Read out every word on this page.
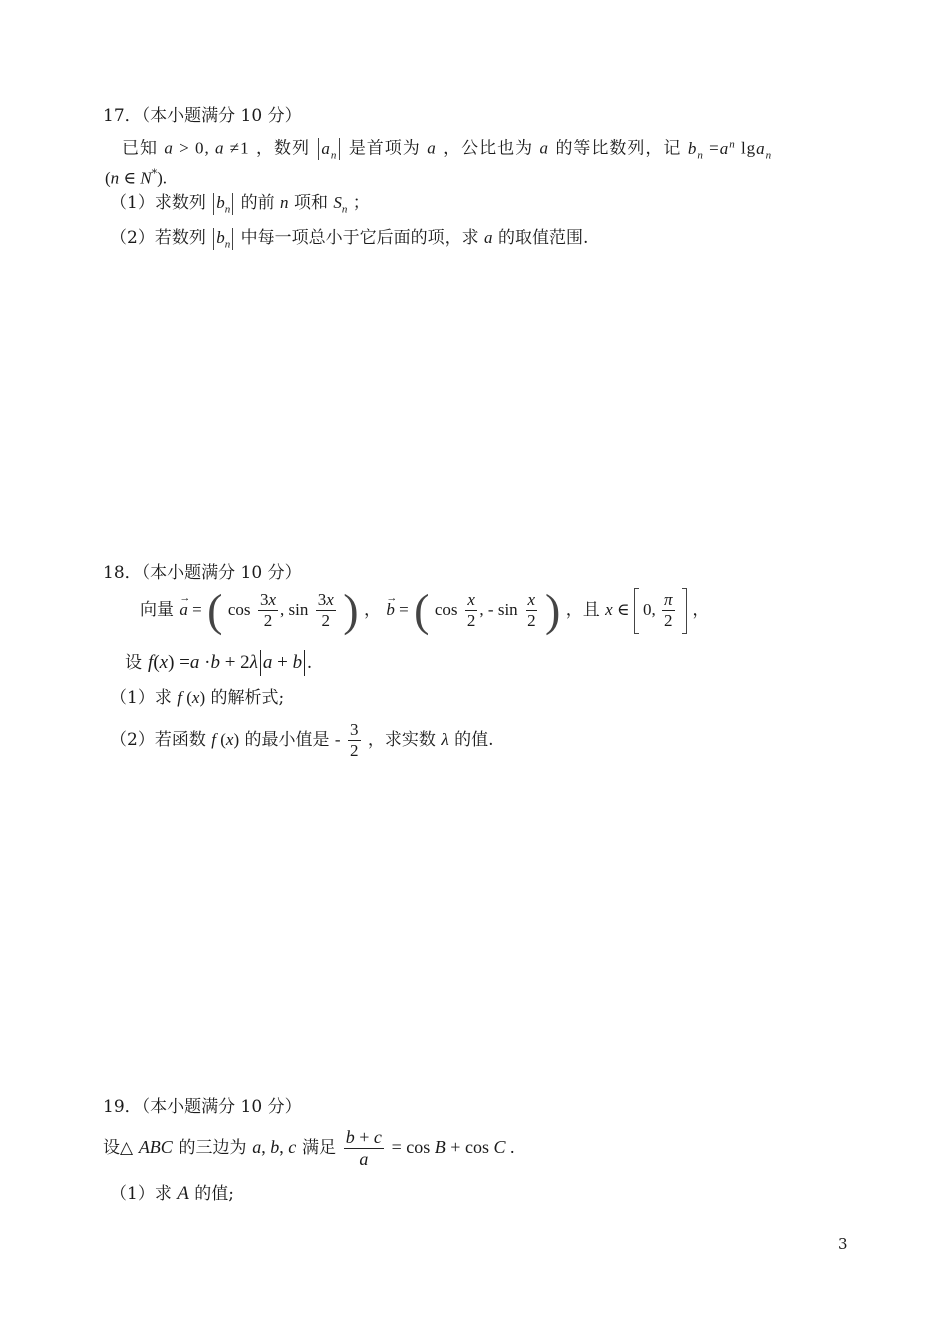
17．（本小题满分 10 分）
已知 a > 0, a ≠1 ，数列 $a_n$ 是首项为 a ，公比也为 a 的等比数列，记 $b_n =a^n$ lga$_n$
(n ∈ N*).
（1）求数列 $b_n$ 的前 n 项和 $S_n$ ；
（2）若数列 $b_n$ 中每一项总小于它后面的项，求 a 的取值范围.
18．（本小题满分 10 分）
向量 → a = ( $\cos \frac{3x}{2}$ , $\sin \frac{3x}{2}$ ) ， → b = ( $\cos \frac{x}{2}$ , - $\sin \frac{x}{2}$ ) ，且 x ∈  0, $\frac{\pi}{2}$ ，
设 f(x) =a ·b + 2λ a + b .
（1）求 f (x) 的解析式;
（2）若函数 f (x) 的最小值是 - $\frac{3}{2}$ ，求实数 λ 的值.
19．（本小题满分 10 分）
设△ ABC 的三边为 a, b, c 满足 $\frac{b + c}{a} = \cos B + \cos C$ .
（1）求 A 的值;
3
